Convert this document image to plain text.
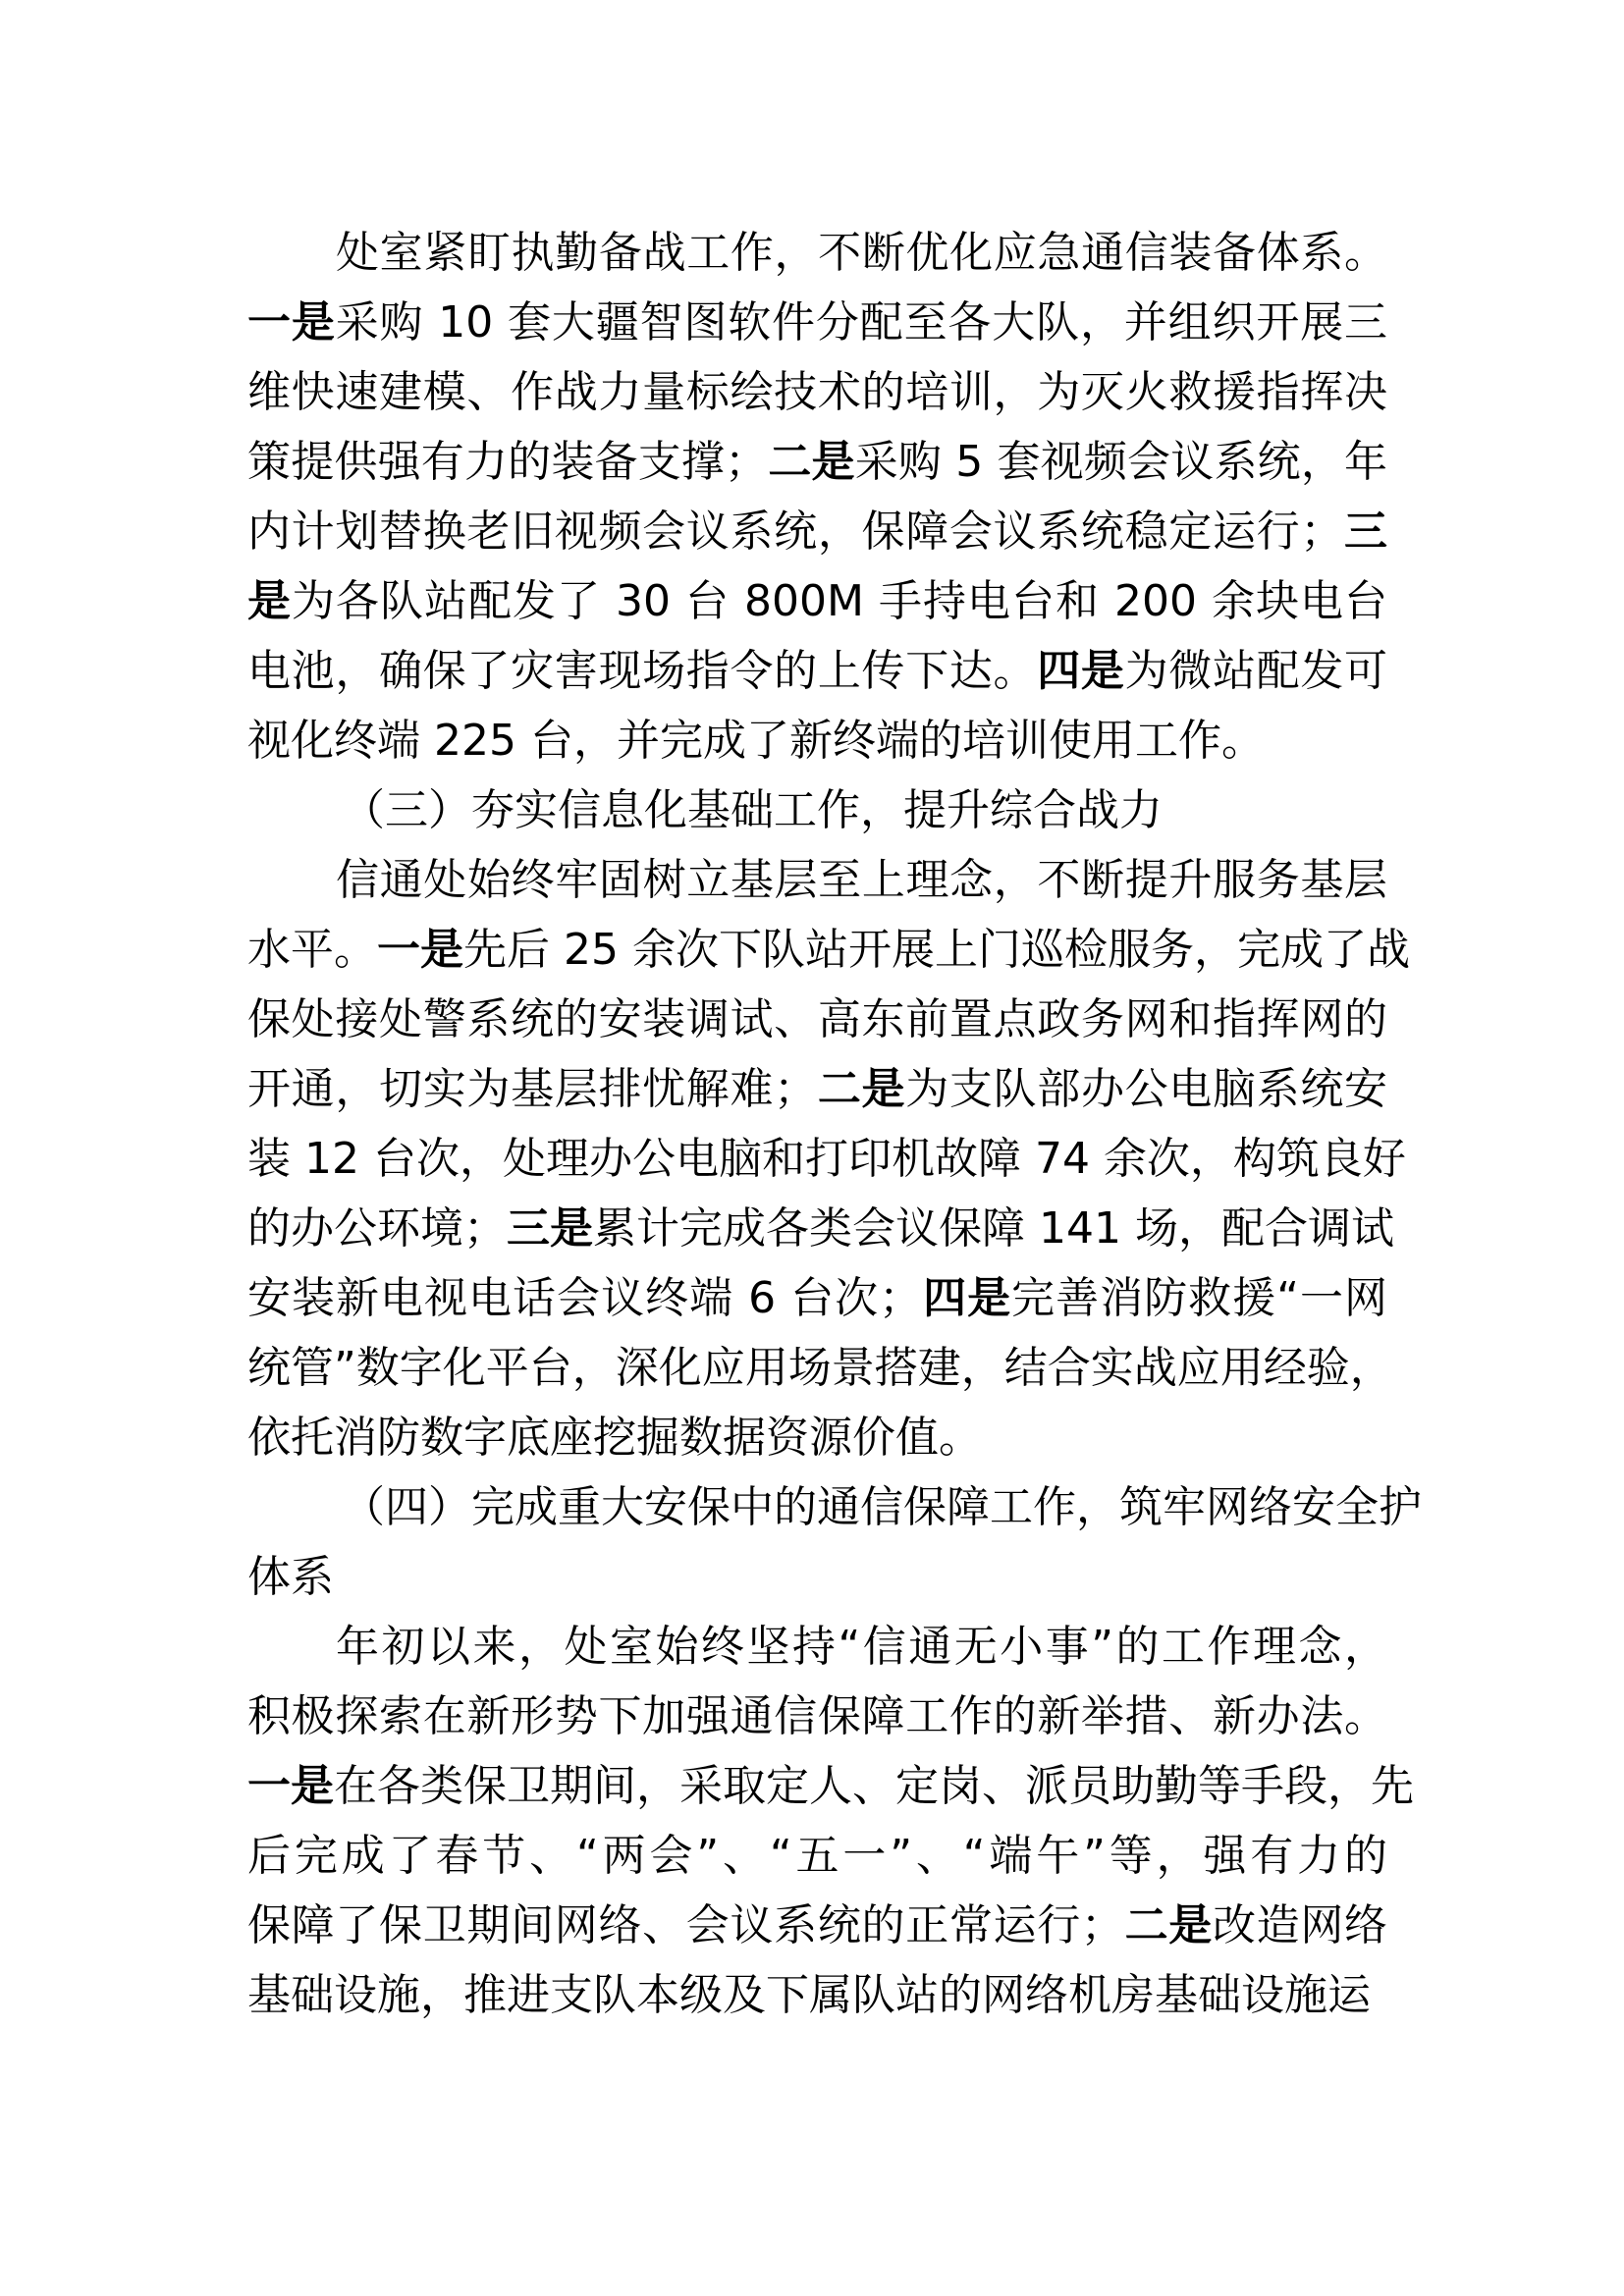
处室紧盯执勤备战工作，不断优化应急通信装备体系。
一是采购 10 套大疆智图软件分配至各大队，并组织开展三
维快速建模、作战力量标绘技术的培训，为灭火救援指挥决
策提供强有力的装备支撑；二是采购 5 套视频会议系统，年
内计划替换老旧视频会议系统，保障会议系统稳定运行；三
是为各队站配发了 30 台 800M 手持电台和 200 余块电台
电池，确保了灾害现场指令的上传下达。四是为微站配发可
视化终端 225 台，并完成了新终端的培训使用工作。
（三）夯实信息化基础工作，提升综合战力
信通处始终牢固树立基层至上理念，不断提升服务基层
水平。一是先后 25 余次下队站开展上门巡检服务，完成了战
保处接处警系统的安装调试、高东前置点政务网和指挥网的
开通，切实为基层排忧解难；二是为支队部办公电脑系统安
装 12 台次，处理办公电脑和打印机故障 74 余次，构筑良好
的办公环境；三是累计完成各类会议保障 141 场，配合调试
安装新电视电话会议终端 6 台次；四是完善消防救援“一网
统管”数字化平台，深化应用场景搭建，结合实战应用经验，
依托消防数字底座挖掘数据资源价值。
（四）完成重大安保中的通信保障工作，筑牢网络安全护
体系
年初以来，处室始终坚持“信通无小事”的工作理念，
积极探索在新形势下加强通信保障工作的新举措、新办法。
一是在各类保卫期间，采取定人、定岗、派员助勤等手段，先
后完成了春节、“两会”、“五一”、“端午”等，强有力的
保障了保卫期间网络、会议系统的正常运行；二是改造网络
基础设施，推进支队本级及下属队站的网络机房基础设施运
